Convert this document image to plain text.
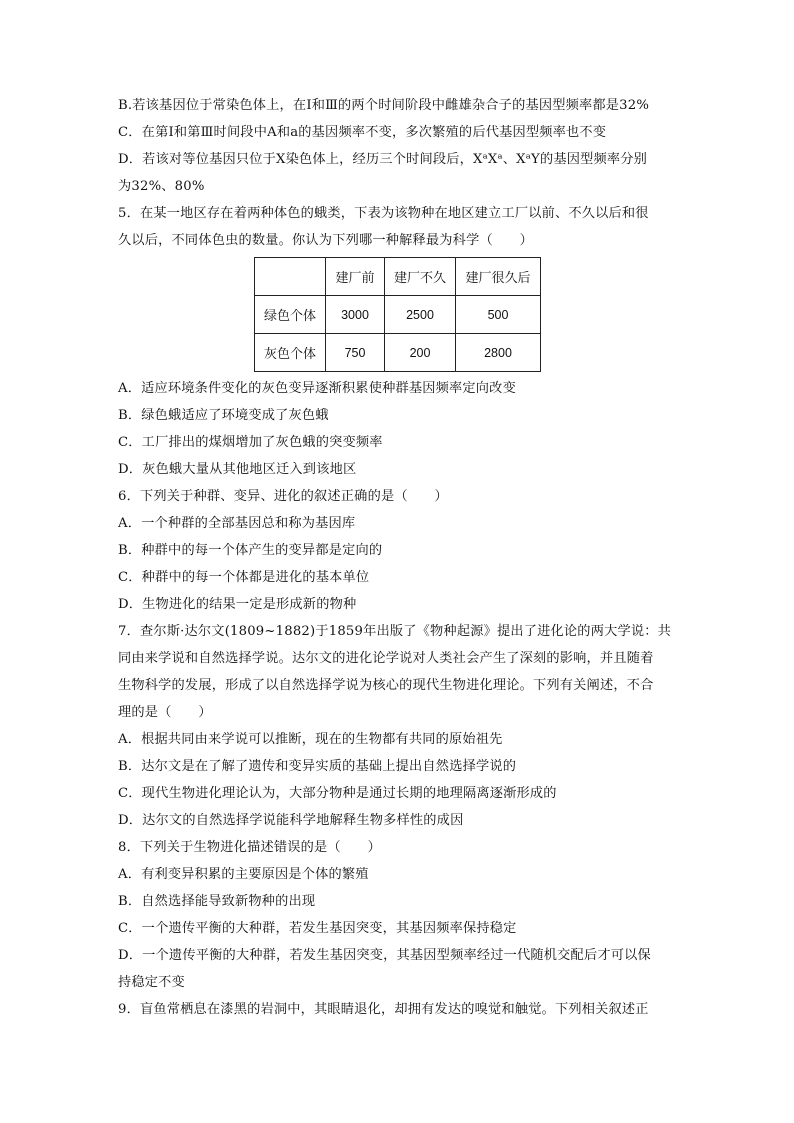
B.若该基因位于常染色体上，在Ⅰ和Ⅲ的两个时间阶段中雌雄杂合子的基因型频率都是32%
C．在第Ⅰ和第Ⅲ时间段中A和a的基因频率不变，多次繁殖的后代基因型频率也不变
D．若该对等位基因只位于X染色体上，经历三个时间段后，XᵃXᵃ、XᵃY的基因型频率分别
为32%、80%
5．在某一地区存在着两种体色的蛾类，下表为该物种在地区建立工厂以前、不久以后和很
久以后，不同体色虫的数量。你认为下列哪一种解释最为科学（　　）
	建厂前	建厂不久	建厂很久后
绿色个体	3000	2500	500
灰色个体	750	200	2800
A．适应环境条件变化的灰色变异逐渐积累使种群基因频率定向改变
B．绿色蛾适应了环境变成了灰色蛾
C．工厂排出的煤烟增加了灰色蛾的突变频率
D．灰色蛾大量从其他地区迁入到该地区
6．下列关于种群、变异、进化的叙述正确的是（　　）
A．一个种群的全部基因总和称为基因库
B．种群中的每一个体产生的变异都是定向的
C．种群中的每一个体都是进化的基本单位
D．生物进化的结果一定是形成新的物种
7．查尔斯·达尔文(1809~1882)于1859年出版了《物种起源》提出了进化论的两大学说：共
同由来学说和自然选择学说。达尔文的进化论学说对人类社会产生了深刻的影响，并且随着
生物科学的发展，形成了以自然选择学说为核心的现代生物进化理论。下列有关阐述，不合
理的是（　　）
A．根据共同由来学说可以推断，现在的生物都有共同的原始祖先
B．达尔文是在了解了遗传和变异实质的基础上提出自然选择学说的
C．现代生物进化理论认为，大部分物种是通过长期的地理隔离逐渐形成的
D．达尔文的自然选择学说能科学地解释生物多样性的成因
8．下列关于生物进化描述错误的是（　　）
A．有利变异积累的主要原因是个体的繁殖
B．自然选择能导致新物种的出现
C．一个遗传平衡的大种群，若发生基因突变，其基因频率保持稳定
D．一个遗传平衡的大种群，若发生基因突变，其基因型频率经过一代随机交配后才可以保
持稳定不变
9．盲鱼常栖息在漆黑的岩洞中，其眼睛退化，却拥有发达的嗅觉和触觉。下列相关叙述正
